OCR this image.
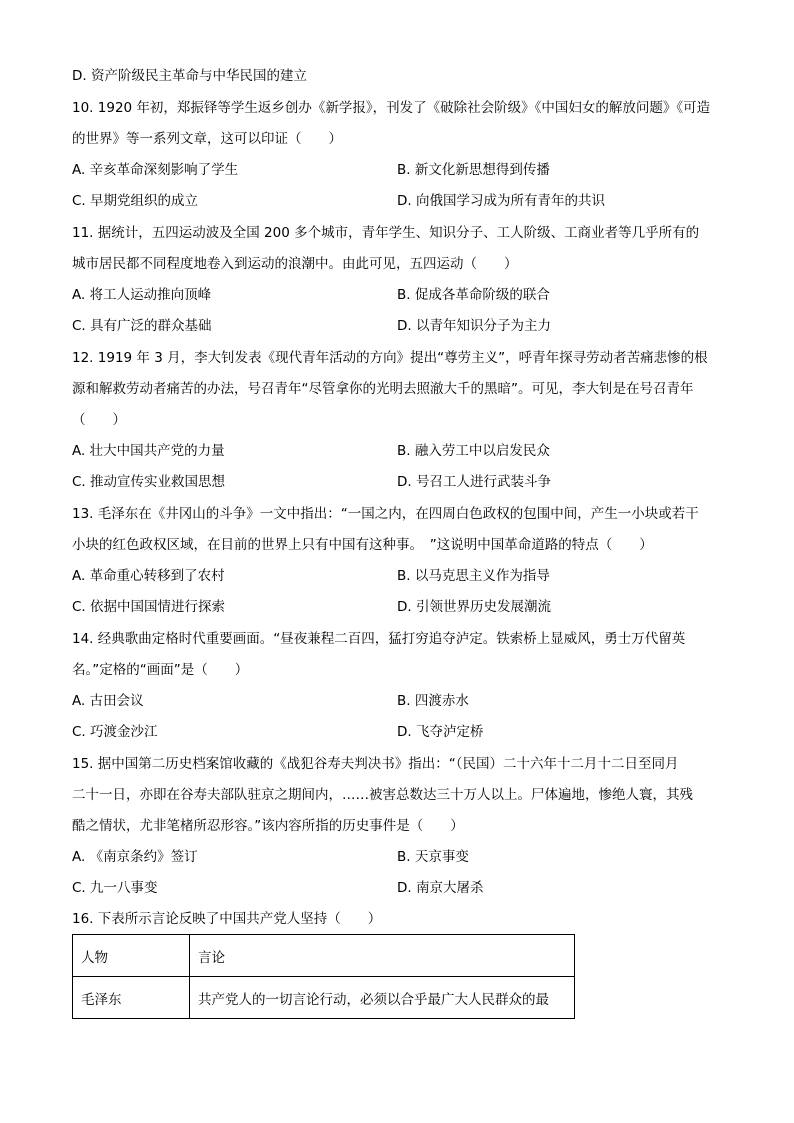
D. 资产阶级民主革命与中华民国的建立
10. 1920 年初，郑振铎等学生返乡创办《新学报》，刊发了《破除社会阶级》《中国妇女的解放问题》《可造
的世界》等一系列文章，这可以印证（　　）
A. 辛亥革命深刻影响了学生	B. 新文化新思想得到传播
C. 早期党组织的成立	D. 向俄国学习成为所有青年的共识
11. 据统计，五四运动波及全国 200 多个城市，青年学生、知识分子、工人阶级、工商业者等几乎所有的
城市居民都不同程度地卷入到运动的浪潮中。由此可见，五四运动（　　）
A. 将工人运动推向顶峰	B. 促成各革命阶级的联合
C. 具有广泛的群众基础	D. 以青年知识分子为主力
12. 1919 年 3 月，李大钊发表《现代青年活动的方向》提出“尊劳主义”，呼青年探寻劳动者苦痛悲惨的根
源和解救劳动者痛苦的办法，号召青年“尽管拿你的光明去照澈大千的黑暗”。可见，李大钊是在号召青年
（　　）
A. 壮大中国共产党的力量	B. 融入劳工中以启发民众
C. 推动宣传实业救国思想	D. 号召工人进行武装斗争
13. 毛泽东在《井冈山的斗争》一文中指出：“一国之内，在四周白色政权的包围中间，产生一小块或若干
小块的红色政权区域，在目前的世界上只有中国有这种事。　”这说明中国革命道路的特点（　　）
A. 革命重心转移到了农村	B. 以马克思主义作为指导
C. 依据中国国情进行探索	D. 引领世界历史发展潮流
14. 经典歌曲定格时代重要画面。“昼夜兼程二百四，猛打穷追夺泸定。铁索桥上显威风，勇士万代留英
名。”定格的“画面”是（　　）
A. 古田会议	B. 四渡赤水
C. 巧渡金沙江	D. 飞夺泸定桥
15. 据中国第二历史档案馆收藏的《战犯谷寿夫判决书》指出：“（民国）二十六年十二月十二日至同月
二十一日，亦即在谷寿夫部队驻京之期间内，……被害总数达三十万人以上。尸体遍地，惨绝人寰，其残
酷之情状，尤非笔楮所忍形容。”该内容所指的历史事件是（　　）
A. 《南京条约》签订	B. 天京事变
C. 九一八事变	D. 南京大屠杀
16. 下表所示言论反映了中国共产党人坚持（　　）
人物	言论
毛泽东	共产党人的一切言论行动，必须以合乎最广大人民群众的最
